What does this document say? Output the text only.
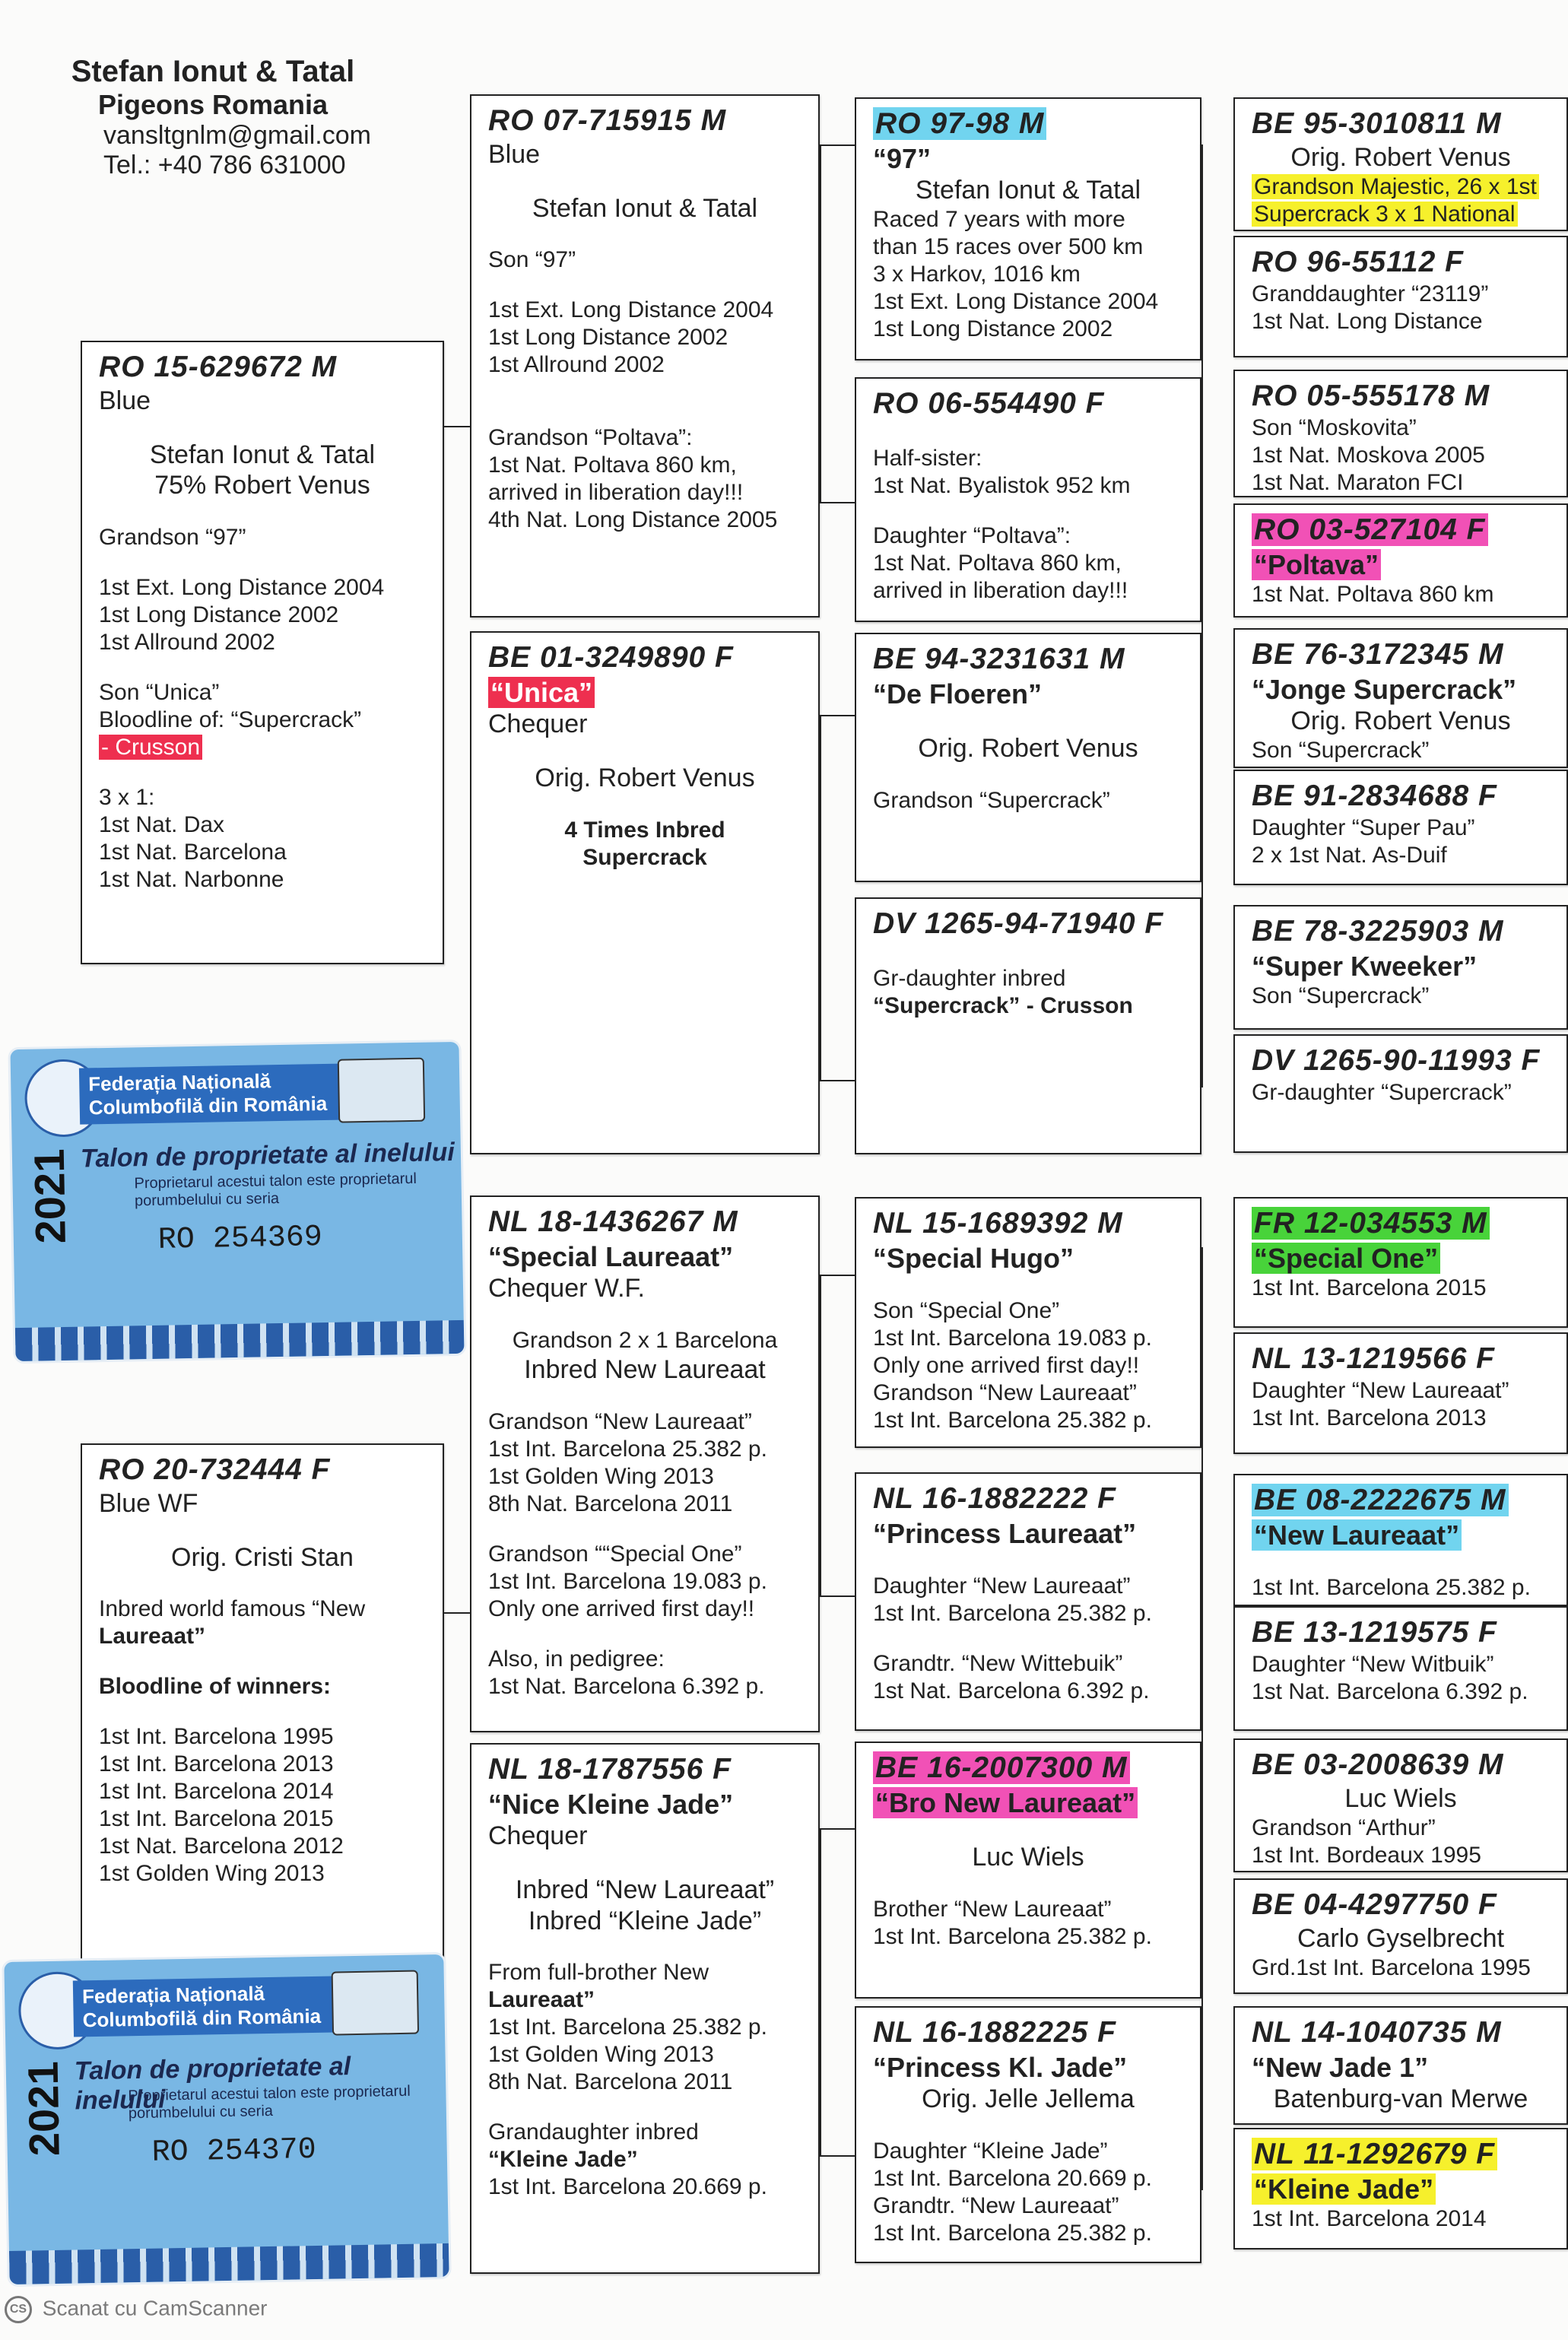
Stefan Ionut & Tatal
Pigeons Romania
vansltgnlm@gmail.com
Tel.: +40 786 631000
RO 15-629672 M
Blue
Stefan Ionut & Tatal
75% Robert Venus
Grandson “97”
1st Ext. Long Distance 2004
1st Long Distance 2002
1st Allround 2002
Son “Unica”
Bloodline of: “Supercrack”
- Crusson
3 x 1:
1st Nat. Dax
1st Nat. Barcelona
1st Nat. Narbonne
RO 20-732444 F
Blue WF
Orig. Cristi Stan
Inbred world famous “New
Laureaat”
Bloodline of winners:
1st Int. Barcelona 1995
1st Int. Barcelona 2013
1st Int. Barcelona 2014
1st Int. Barcelona 2015
1st Nat. Barcelona 2012
1st Golden Wing 2013
RO 07-715915 M
Blue
Stefan Ionut & Tatal
Son “97”
1st Ext. Long Distance 2004
1st Long Distance 2002
1st Allround 2002
Grandson “Poltava”:
1st Nat. Poltava 860 km,
arrived in liberation day!!!
4th Nat. Long Distance 2005
BE 01-3249890 F
“Unica”
Chequer
Orig. Robert Venus
4 Times Inbred
Supercrack
NL 18-1436267 M
“Special Laureaat”
Chequer W.F.
Grandson 2 x 1 Barcelona
Inbred New Laureaat
Grandson “New Laureaat”
1st Int. Barcelona 25.382 p.
1st Golden Wing 2013
8th Nat. Barcelona 2011
Grandson ““Special One”
1st Int. Barcelona 19.083 p.
Only one arrived first day!!
Also, in pedigree:
1st Nat. Barcelona 6.392 p.
NL 18-1787556 F
“Nice Kleine Jade”
Chequer
Inbred “New Laureaat”
Inbred “Kleine Jade”
From full-brother New
Laureaat”
1st Int. Barcelona 25.382 p.
1st Golden Wing 2013
8th Nat. Barcelona 2011
Grandaughter inbred
“Kleine Jade”
1st Int. Barcelona 20.669 p.
RO 97-98 M
“97”
Stefan Ionut & Tatal
Raced 7 years with more
than 15 races over 500 km
3 x Harkov, 1016 km
1st Ext. Long Distance 2004
1st Long Distance 2002
RO 06-554490 F
Half-sister:
1st Nat. Byalistok 952 km
Daughter “Poltava”:
1st Nat. Poltava 860 km,
arrived in liberation day!!!
BE 94-3231631 M
“De Floeren”
Orig. Robert Venus
Grandson “Supercrack”
DV 1265-94-71940 F
Gr-daughter inbred
“Supercrack” - Crusson
NL 15-1689392 M
“Special Hugo”
Son “Special One”
1st Int. Barcelona 19.083 p.
Only one arrived first day!!
Grandson “New Laureaat”
1st Int. Barcelona 25.382 p.
NL 16-1882222 F
“Princess Laureaat”
Daughter “New Laureaat”
1st Int. Barcelona 25.382 p.
Grandtr. “New Wittebuik”
1st Nat. Barcelona 6.392 p.
BE 16-2007300 M
“Bro New Laureaat”
Luc Wiels
Brother “New Laureaat”
1st Int. Barcelona 25.382 p.
NL 16-1882225 F
“Princess Kl. Jade”
Orig. Jelle Jellema
Daughter “Kleine Jade”
1st Int. Barcelona 20.669 p.
Grandtr. “New Laureaat”
1st Int. Barcelona 25.382 p.
BE 95-3010811 M
Orig. Robert Venus
Grandson Majestic, 26 x 1st
Supercrack 3 x 1 National
RO 96-55112 F
Granddaughter “23119”
1st Nat. Long Distance
RO 05-555178 M
Son “Moskovita”
1st Nat. Moskova 2005
1st Nat. Maraton FCI
RO 03-527104 F
“Poltava”
1st Nat. Poltava 860 km
BE 76-3172345 M
“Jonge Supercrack”
Orig. Robert Venus
Son “Supercrack”
BE 91-2834688 F
Daughter “Super Pau”
2 x 1st Nat. As-Duif
BE 78-3225903 M
“Super Kweeker”
Son “Supercrack”
DV 1265-90-11993 F
Gr-daughter “Supercrack”
FR 12-034553 M
“Special One”
1st Int. Barcelona 2015
NL 13-1219566 F
Daughter “New Laureaat”
1st Int. Barcelona 2013
BE 08-2222675 M
“New Laureaat”
1st Int. Barcelona 25.382 p.
BE 13-1219575 F
Daughter “New Witbuik”
1st Nat. Barcelona 6.392 p.
BE 03-2008639 M
Luc Wiels
Grandson “Arthur”
1st Int. Bordeaux 1995
BE 04-4297750 F
Carlo Gyselbrecht
Grd.1st Int. Barcelona 1995
NL 14-1040735 M
“New Jade 1”
Batenburg-van Merwe
NL 11-1292679 F
“Kleine Jade”
1st Int. Barcelona 2014
Federația Națională Columbofilă din România
Talon de proprietate al inelului
Proprietarul acestui talon este proprietarul porumbelului cu seria
RO 254369
2021
Federația Națională Columbofilă din România
Talon de proprietate al inelului
Proprietarul acestui talon este proprietarul porumbelului cu seria
RO 254370
2021
CS Scanat cu CamScanner
